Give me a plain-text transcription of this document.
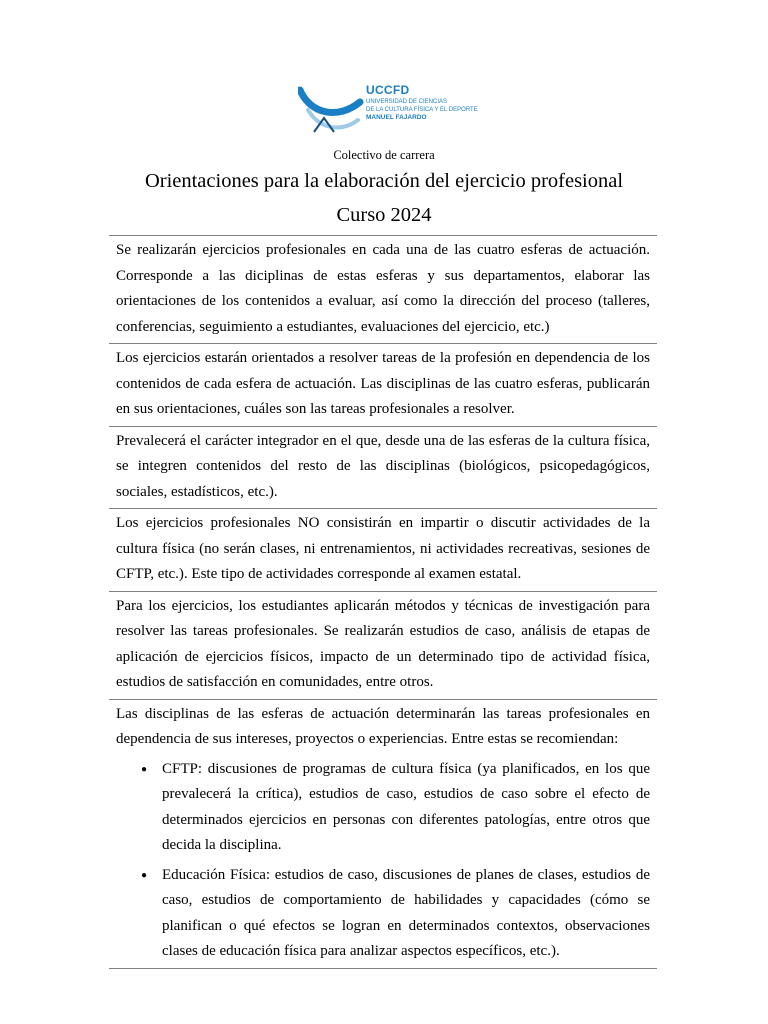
UCCFD
UNIVERSIDAD DE CIENCIAS
DE LA CULTURA FÍSICA Y EL DEPORTE
MANUEL FAJARDO
Colectivo de carrera
Orientaciones para la elaboración del ejercicio profesional
Curso 2024
Se realizarán ejercicios profesionales en cada una de las cuatro esferas de actuación. Corresponde a las diciplinas de estas esferas y sus departamentos, elaborar las orientaciones de los contenidos a evaluar, así como la dirección del proceso (talleres, conferencias, seguimiento a estudiantes, evaluaciones del ejercicio, etc.)
Los ejercicios estarán orientados a resolver tareas de la profesión en dependencia de los contenidos de cada esfera de actuación. Las disciplinas de las cuatro esferas, publicarán en sus orientaciones, cuáles son las tareas profesionales a resolver.
Prevalecerá el carácter integrador en el que, desde una de las esferas de la cultura física, se integren contenidos del resto de las disciplinas (biológicos, psicopedagógicos, sociales, estadísticos, etc.).
Los ejercicios profesionales NO consistirán en impartir o discutir actividades de la cultura física (no serán clases, ni entrenamientos, ni actividades recreativas, sesiones de CFTP, etc.). Este tipo de actividades corresponde al examen estatal.
Para los ejercicios, los estudiantes aplicarán métodos y técnicas de investigación para resolver las tareas profesionales. Se realizarán estudios de caso, análisis de etapas de aplicación de ejercicios físicos, impacto de un determinado tipo de actividad física, estudios de satisfacción en comunidades, entre otros.
Las disciplinas de las esferas de actuación determinarán las tareas profesionales en dependencia de sus intereses, proyectos o experiencias. Entre estas se recomiendan:
● CFTP: discusiones de programas de cultura física (ya planificados, en los que prevalecerá la crítica), estudios de caso, estudios de caso sobre el efecto de determinados ejercicios en personas con diferentes patologías, entre otros que decida la disciplina.
● Educación Física: estudios de caso, discusiones de planes de clases, estudios de caso, estudios de comportamiento de habilidades y capacidades (cómo se planifican o qué efectos se logran en determinados contextos, observaciones clases de educación física para analizar aspectos específicos, etc.).
